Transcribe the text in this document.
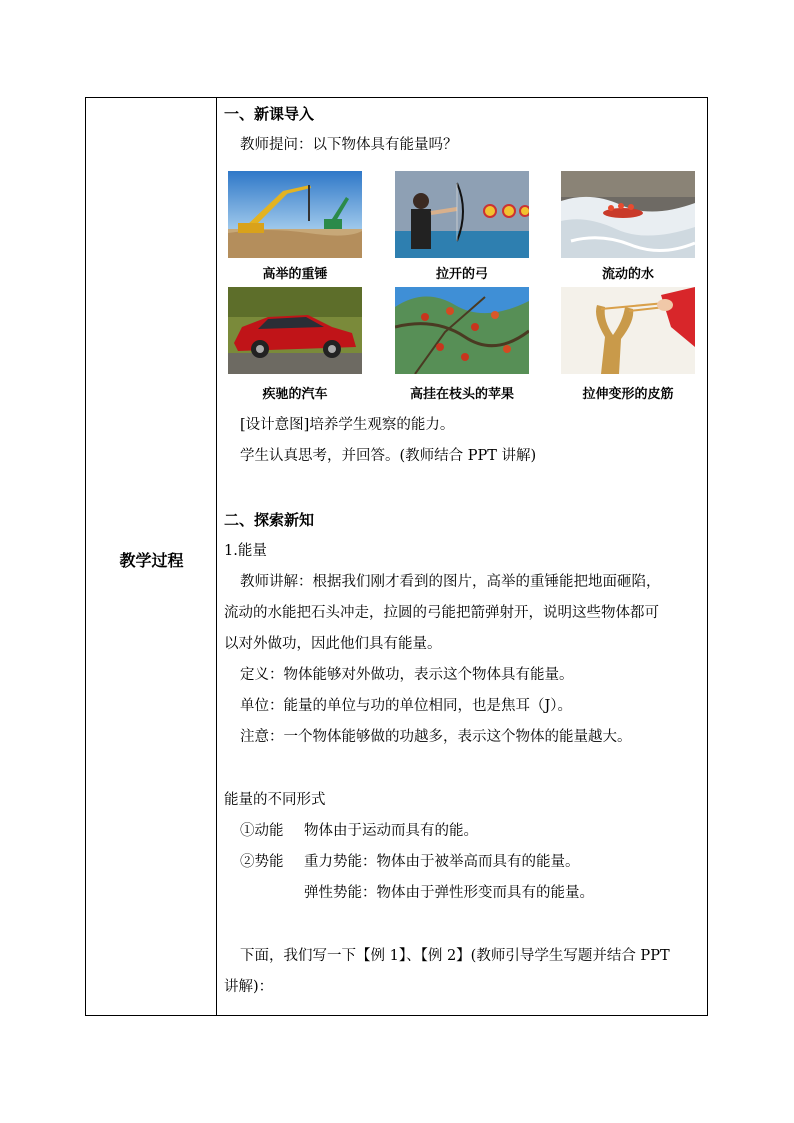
教学过程
一、新课导入
教师提问：以下物体具有能量吗？
高举的重锤	拉开的弓	流动的水
疾驰的汽车	高挂在枝头的苹果	拉伸变形的皮筋
[设计意图]培养学生观察的能力。
学生认真思考，并回答。(教师结合 PPT 讲解)
二、探索新知
1.能量
教师讲解：根据我们刚才看到的图片，高举的重锤能把地面砸陷，
流动的水能把石头冲走，拉圆的弓能把箭弹射开，说明这些物体都可
以对外做功，因此他们具有能量。
定义：物体能够对外做功，表示这个物体具有能量。
单位：能量的单位与功的单位相同，也是焦耳（J）。
注意：一个物体能够做的功越多，表示这个物体的能量越大。
能量的不同形式
①动能 物体由于运动而具有的能。
②势能 重力势能：物体由于被举高而具有的能量。
弹性势能：物体由于弹性形变而具有的能量。
下面，我们写一下【例 1】、【例 2】(教师引导学生写题并结合 PPT
讲解)：
